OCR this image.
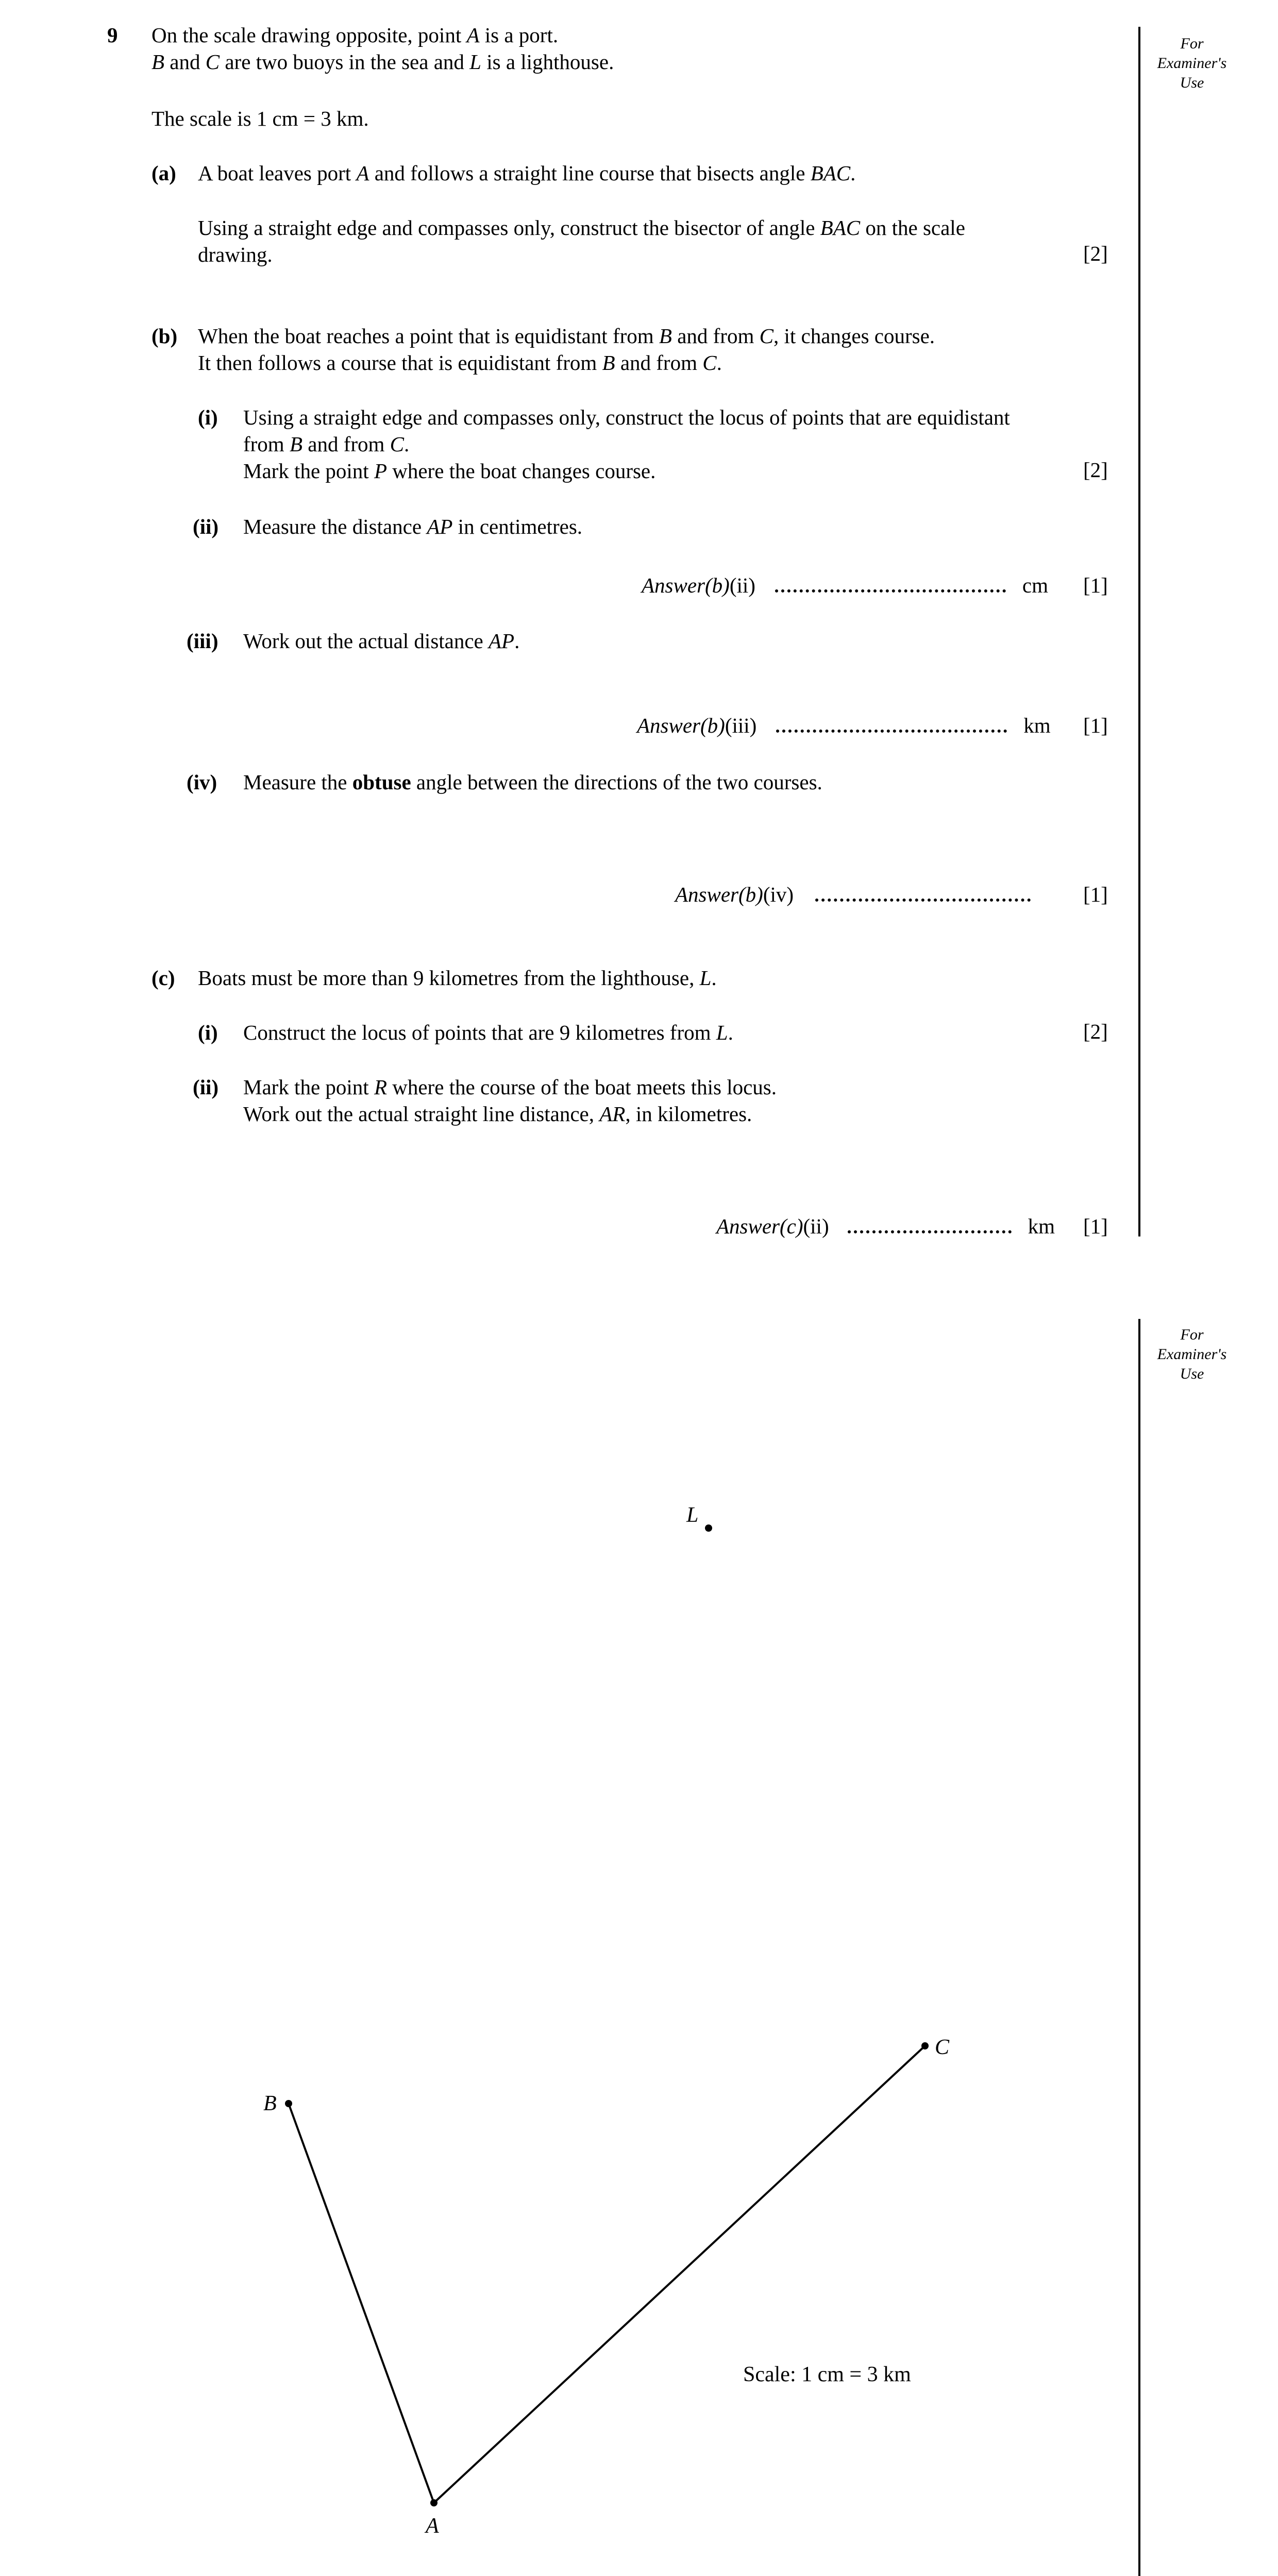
For
Examiner's
Use
For
Examiner's
Use
9 On the scale drawing opposite, point A is a port.
B and C are two buoys in the sea and L is a lighthouse.
The scale is 1 cm = 3 km.
(a) A boat leaves port A and follows a straight line course that bisects angle BAC.
Using a straight edge and compasses only, construct the bisector of angle BAC on the scale
drawing.	[2]
(b) When the boat reaches a point that is equidistant from B and from C, it changes course.
It then follows a course that is equidistant from B and from C.
(i) Using a straight edge and compasses only, construct the locus of points that are equidistant
from B and from C.
Mark the point P where the boat changes course.	[2]
(ii) Measure the distance AP in centimetres.
Answer(b) (ii)	cm [1]
(iii) Work out the actual distance AP.
Answer(b) (iii)	km [1]
(iv) Measure the obtuse angle between the directions of the two courses.
Answer(b) (iv)	[1]
(c) Boats must be more than 9 kilometres from the lighthouse, L.
(i) Construct the locus of points that are 9 kilometres from L.	[2]
(ii) Mark the point R where the course of the boat meets this locus.
Work out the actual straight line distance, AR, in kilometres.
Answer(c) (ii)	km [1]
L
B
C
A
Scale: 1 cm = 3 km
